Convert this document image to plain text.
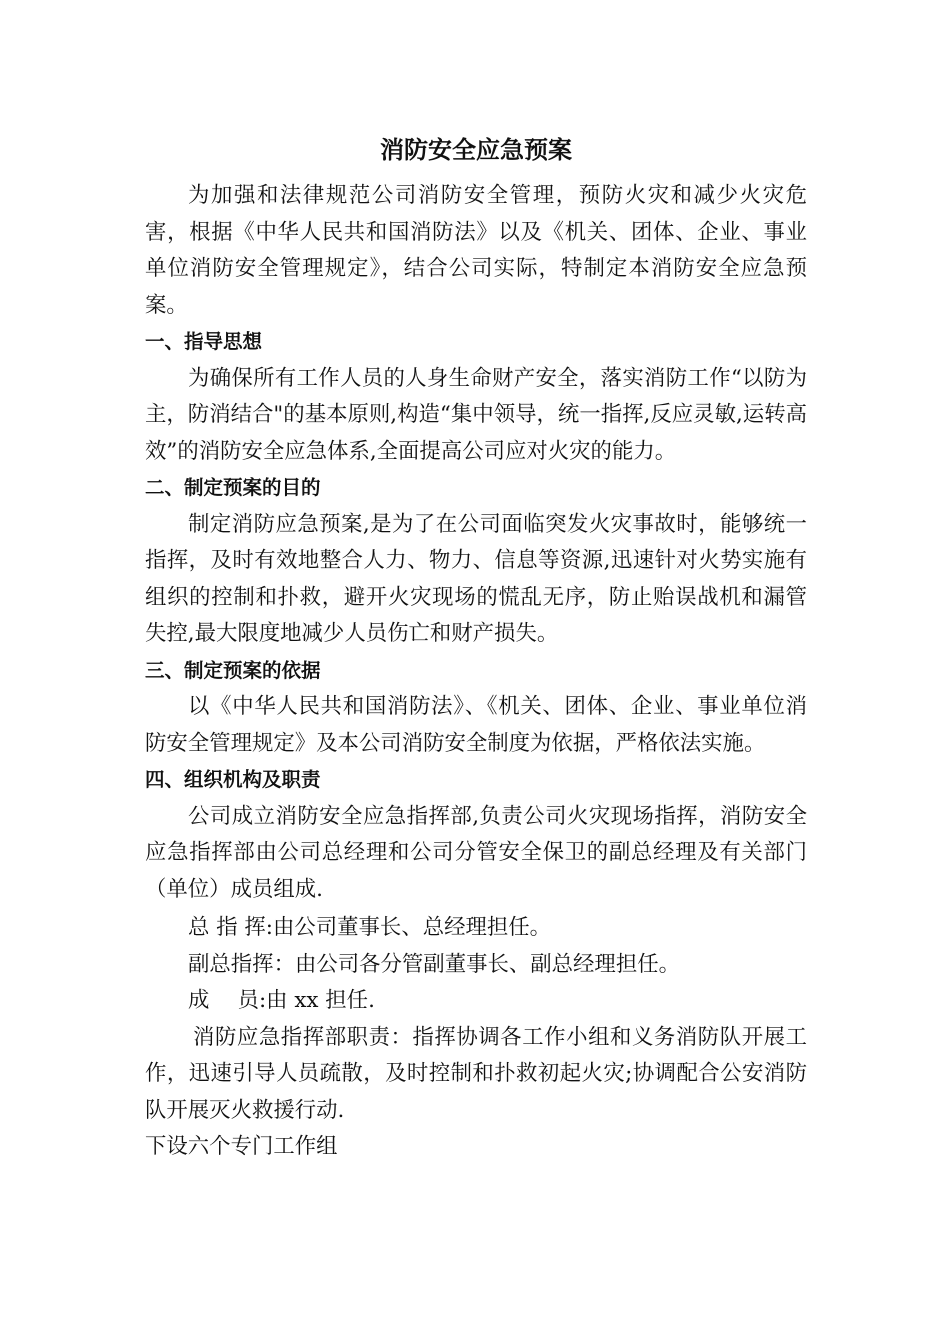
消防安全应急预案

为加强和法律规范公司消防安全管理，预防火灾和减少火灾危害，根据《中华人民共和国消防法》以及《机关、团体、企业、事业单位消防安全管理规定》，结合公司实际，特制定本消防安全应急预案。

一、指导思想

为确保所有工作人员的人身生命财产安全，落实消防工作“以防为主，防消结合"的基本原则,构造“集中领导，统一指挥,反应灵敏,运转高效”的消防安全应急体系,全面提高公司应对火灾的能力。

二、制定预案的目的

制定消防应急预案,是为了在公司面临突发火灾事故时，能够统一指挥，及时有效地整合人力、物力、信息等资源,迅速针对火势实施有组织的控制和扑救，避开火灾现场的慌乱无序，防止贻误战机和漏管失控,最大限度地减少人员伤亡和财产损失。

三、制定预案的依据

以《中华人民共和国消防法》、《机关、团体、企业、事业单位消防安全管理规定》及本公司消防安全制度为依据，严格依法实施。

四、组织机构及职责

公司成立消防安全应急指挥部,负责公司火灾现场指挥，消防安全应急指挥部由公司总经理和公司分管安全保卫的副总经理及有关部门（单位）成员组成.

总 指 挥:由公司董事长、总经理担任。

副总指挥：由公司各分管副董事长、副总经理担任。

成　 员:由 xx 担任.

消防应急指挥部职责：指挥协调各工作小组和义务消防队开展工作，迅速引导人员疏散，及时控制和扑救初起火灾;协调配合公安消防队开展灭火救援行动.

下设六个专门工作组
